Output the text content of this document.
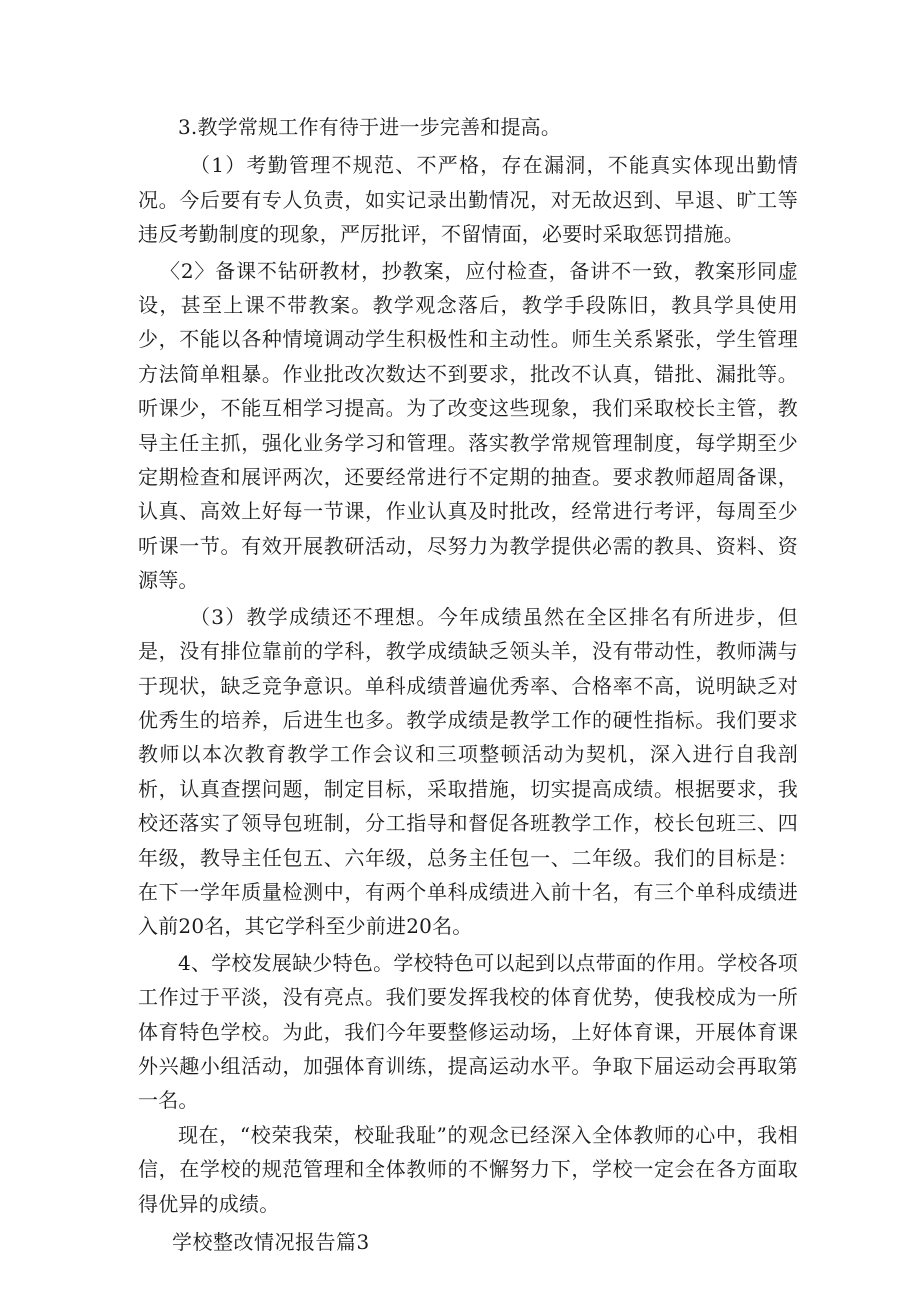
3.教学常规工作有待于进一步完善和提高。

（1）考勤管理不规范、不严格，存在漏洞，不能真实体现出勤情况。今后要有专人负责，如实记录出勤情况，对无故迟到、早退、旷工等违反考勤制度的现象，严厉批评，不留情面，必要时采取惩罚措施。

〈2〉备课不钻研教材，抄教案，应付检查，备讲不一致，教案形同虚设，甚至上课不带教案。教学观念落后，教学手段陈旧，教具学具使用少，不能以各种情境调动学生积极性和主动性。师生关系紧张，学生管理方法简单粗暴。作业批改次数达不到要求，批改不认真，错批、漏批等。听课少，不能互相学习提高。为了改变这些现象，我们采取校长主管，教导主任主抓，强化业务学习和管理。落实教学常规管理制度，每学期至少定期检查和展评两次，还要经常进行不定期的抽查。要求教师超周备课，认真、高效上好每一节课，作业认真及时批改，经常进行考评，每周至少听课一节。有效开展教研活动，尽努力为教学提供必需的教具、资料、资源等。

（3）教学成绩还不理想。今年成绩虽然在全区排名有所进步，但是，没有排位靠前的学科，教学成绩缺乏领头羊，没有带动性，教师满与于现状，缺乏竞争意识。单科成绩普遍优秀率、合格率不高，说明缺乏对优秀生的培养，后进生也多。教学成绩是教学工作的硬性指标。我们要求教师以本次教育教学工作会议和三项整顿活动为契机，深入进行自我剖析，认真查摆问题，制定目标，采取措施，切实提高成绩。根据要求，我校还落实了领导包班制，分工指导和督促各班教学工作，校长包班三、四年级，教导主任包五、六年级，总务主任包一、二年级。我们的目标是：在下一学年质量检测中，有两个单科成绩进入前十名，有三个单科成绩进入前20名，其它学科至少前进20名。

4、学校发展缺少特色。学校特色可以起到以点带面的作用。学校各项工作过于平淡，没有亮点。我们要发挥我校的体育优势，使我校成为一所体育特色学校。为此，我们今年要整修运动场，上好体育课，开展体育课外兴趣小组活动，加强体育训练，提高运动水平。争取下届运动会再取第一名。

现在，“校荣我荣，校耻我耻”的观念已经深入全体教师的心中，我相信，在学校的规范管理和全体教师的不懈努力下，学校一定会在各方面取得优异的成绩。

学校整改情况报告篇3
